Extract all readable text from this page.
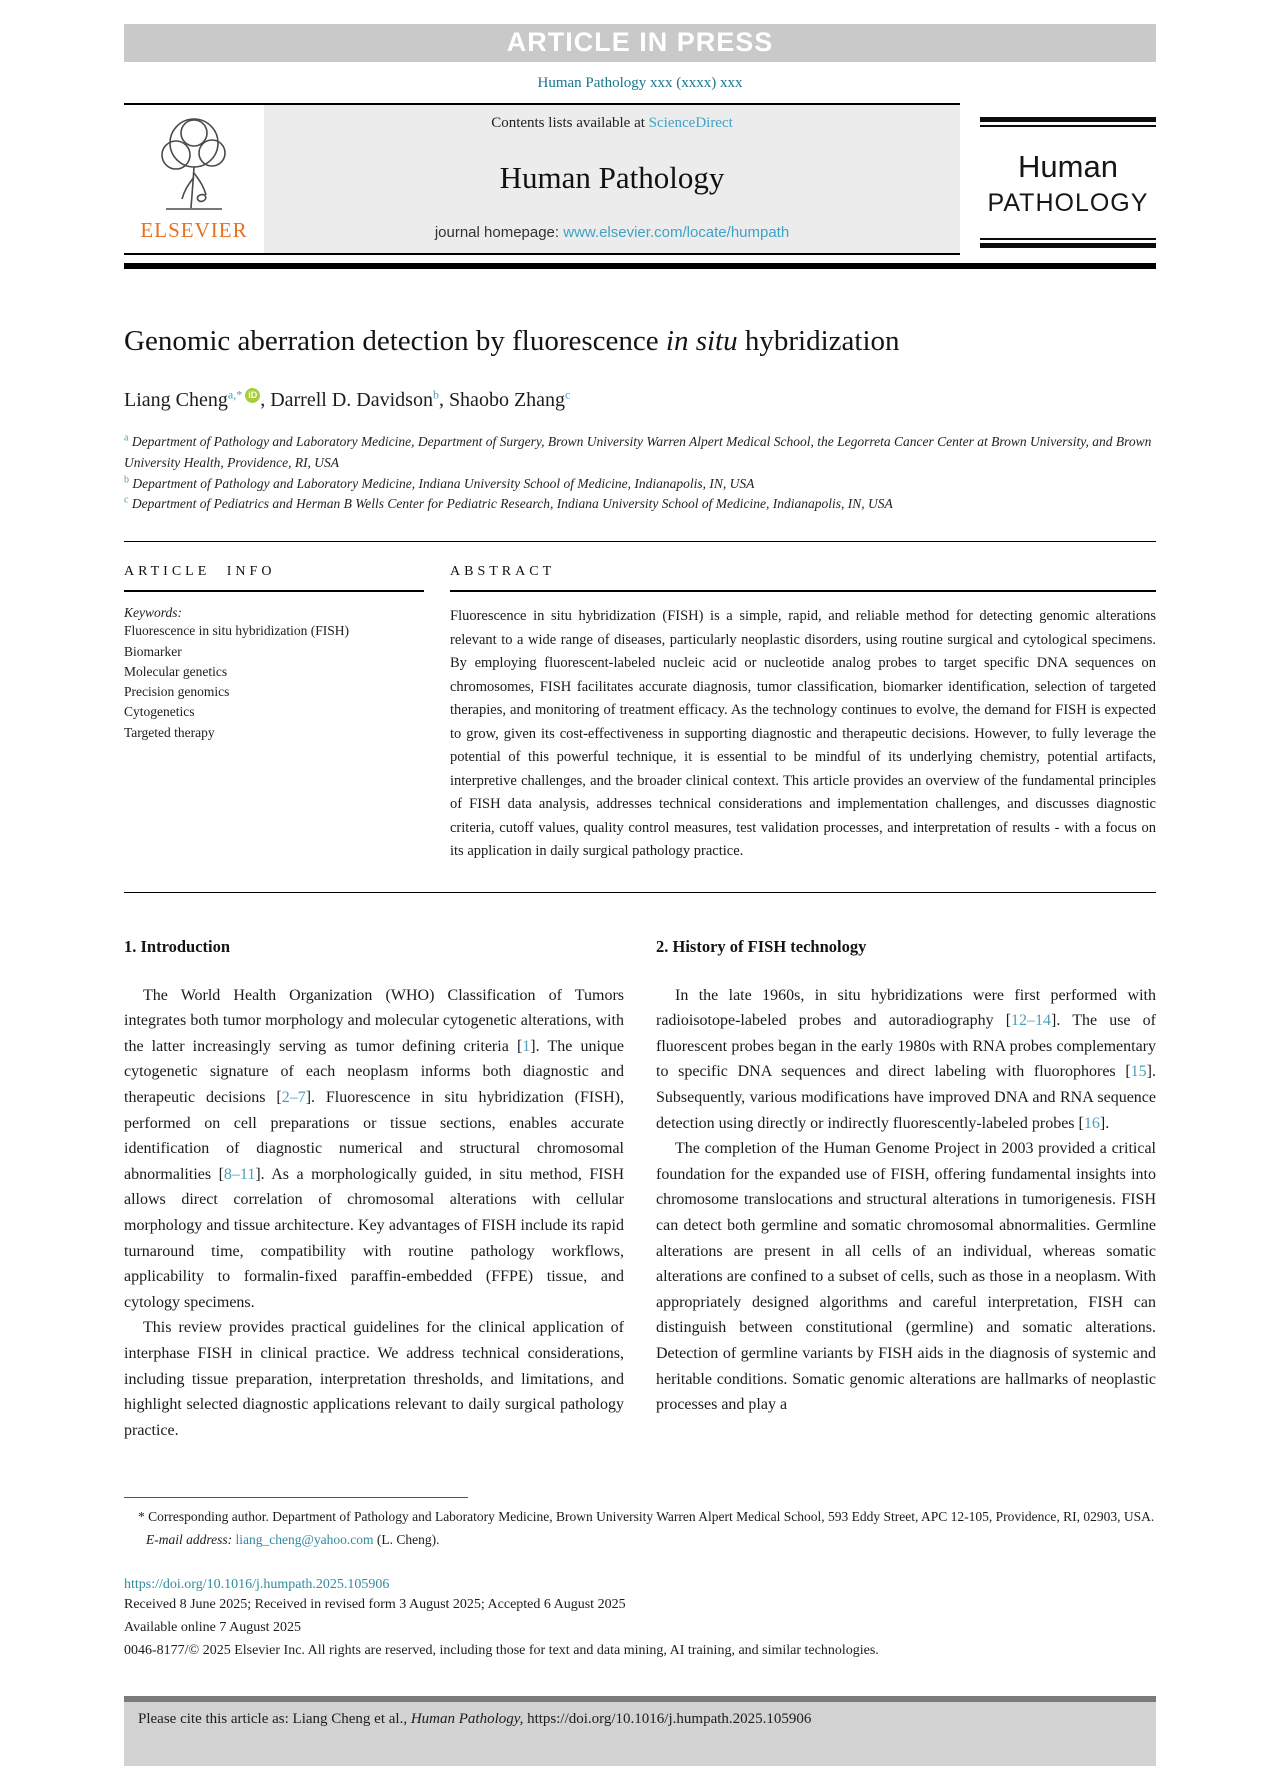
ARTICLE IN PRESS
Human Pathology xxx (xxxx) xxx
ELSEVIER
Contents lists available at ScienceDirect
Human Pathology
journal homepage: www.elsevier.com/locate/humpath
Human
PATHOLOGY
Genomic aberration detection by fluorescence in situ hybridization
Liang Cheng$^{a,*}$ iD , Darrell D. Davidson$^b$, Shaobo Zhang$^c$
$^a$ Department of Pathology and Laboratory Medicine, Department of Surgery, Brown University Warren Alpert Medical School, the Legorreta Cancer Center at Brown University, and Brown University Health, Providence, RI, USA
$^b$ Department of Pathology and Laboratory Medicine, Indiana University School of Medicine, Indianapolis, IN, USA
$^c$ Department of Pediatrics and Herman B Wells Center for Pediatric Research, Indiana University School of Medicine, Indianapolis, IN, USA
ARTICLE INFO
Keywords:
Fluorescence in situ hybridization (FISH)
Biomarker
Molecular genetics
Precision genomics
Cytogenetics
Targeted therapy
ABSTRACT
Fluorescence in situ hybridization (FISH) is a simple, rapid, and reliable method for detecting genomic alterations relevant to a wide range of diseases, particularly neoplastic disorders, using routine surgical and cytological specimens. By employing fluorescent-labeled nucleic acid or nucleotide analog probes to target specific DNA sequences on chromosomes, FISH facilitates accurate diagnosis, tumor classification, biomarker identification, selection of targeted therapies, and monitoring of treatment efficacy. As the technology continues to evolve, the demand for FISH is expected to grow, given its cost-effectiveness in supporting diagnostic and therapeutic decisions. However, to fully leverage the potential of this powerful technique, it is essential to be mindful of its underlying chemistry, potential artifacts, interpretive challenges, and the broader clinical context. This article provides an overview of the fundamental principles of FISH data analysis, addresses technical considerations and implementation challenges, and discusses diagnostic criteria, cutoff values, quality control measures, test validation processes, and interpretation of results - with a focus on its application in daily surgical pathology practice.
1. Introduction

The World Health Organization (WHO) Classification of Tumors integrates both tumor morphology and molecular cytogenetic alterations, with the latter increasingly serving as tumor defining criteria [1]. The unique cytogenetic signature of each neoplasm informs both diagnostic and therapeutic decisions [2–7]. Fluorescence in situ hybridization (FISH), performed on cell preparations or tissue sections, enables accurate identification of diagnostic numerical and structural chromosomal abnormalities [8–11]. As a morphologically guided, in situ method, FISH allows direct correlation of chromosomal alterations with cellular morphology and tissue architecture. Key advantages of FISH include its rapid turnaround time, compatibility with routine pathology workflows, applicability to formalin-fixed paraffin-embedded (FFPE) tissue, and cytology specimens.

This review provides practical guidelines for the clinical application of interphase FISH in clinical practice. We address technical considerations, including tissue preparation, interpretation thresholds, and limitations, and highlight selected diagnostic applications relevant to daily surgical pathology practice.

2. History of FISH technology

In the late 1960s, in situ hybridizations were first performed with radioisotope-labeled probes and autoradiography [12–14]. The use of fluorescent probes began in the early 1980s with RNA probes complementary to specific DNA sequences and direct labeling with fluorophores [15]. Subsequently, various modifications have improved DNA and RNA sequence detection using directly or indirectly fluorescently-labeled probes [16].

The completion of the Human Genome Project in 2003 provided a critical foundation for the expanded use of FISH, offering fundamental insights into chromosome translocations and structural alterations in tumorigenesis. FISH can detect both germline and somatic chromosomal abnormalities. Germline alterations are present in all cells of an individual, whereas somatic alterations are confined to a subset of cells, such as those in a neoplasm. With appropriately designed algorithms and careful interpretation, FISH can distinguish between constitutional (germline) and somatic alterations. Detection of germline variants by FISH aids in the diagnosis of systemic and heritable conditions. Somatic genomic alterations are hallmarks of neoplastic processes and play a

* Corresponding author. Department of Pathology and Laboratory Medicine, Brown University Warren Alpert Medical School, 593 Eddy Street, APC 12-105, Providence, RI, 02903, USA.
E-mail address: liang_cheng@yahoo.com (L. Cheng).
https://doi.org/10.1016/j.humpath.2025.105906
Received 8 June 2025; Received in revised form 3 August 2025; Accepted 6 August 2025
Available online 7 August 2025
0046-8177/© 2025 Elsevier Inc. All rights are reserved, including those for text and data mining, AI training, and similar technologies.
Please cite this article as: Liang Cheng et al., Human Pathology, https://doi.org/10.1016/j.humpath.2025.105906
